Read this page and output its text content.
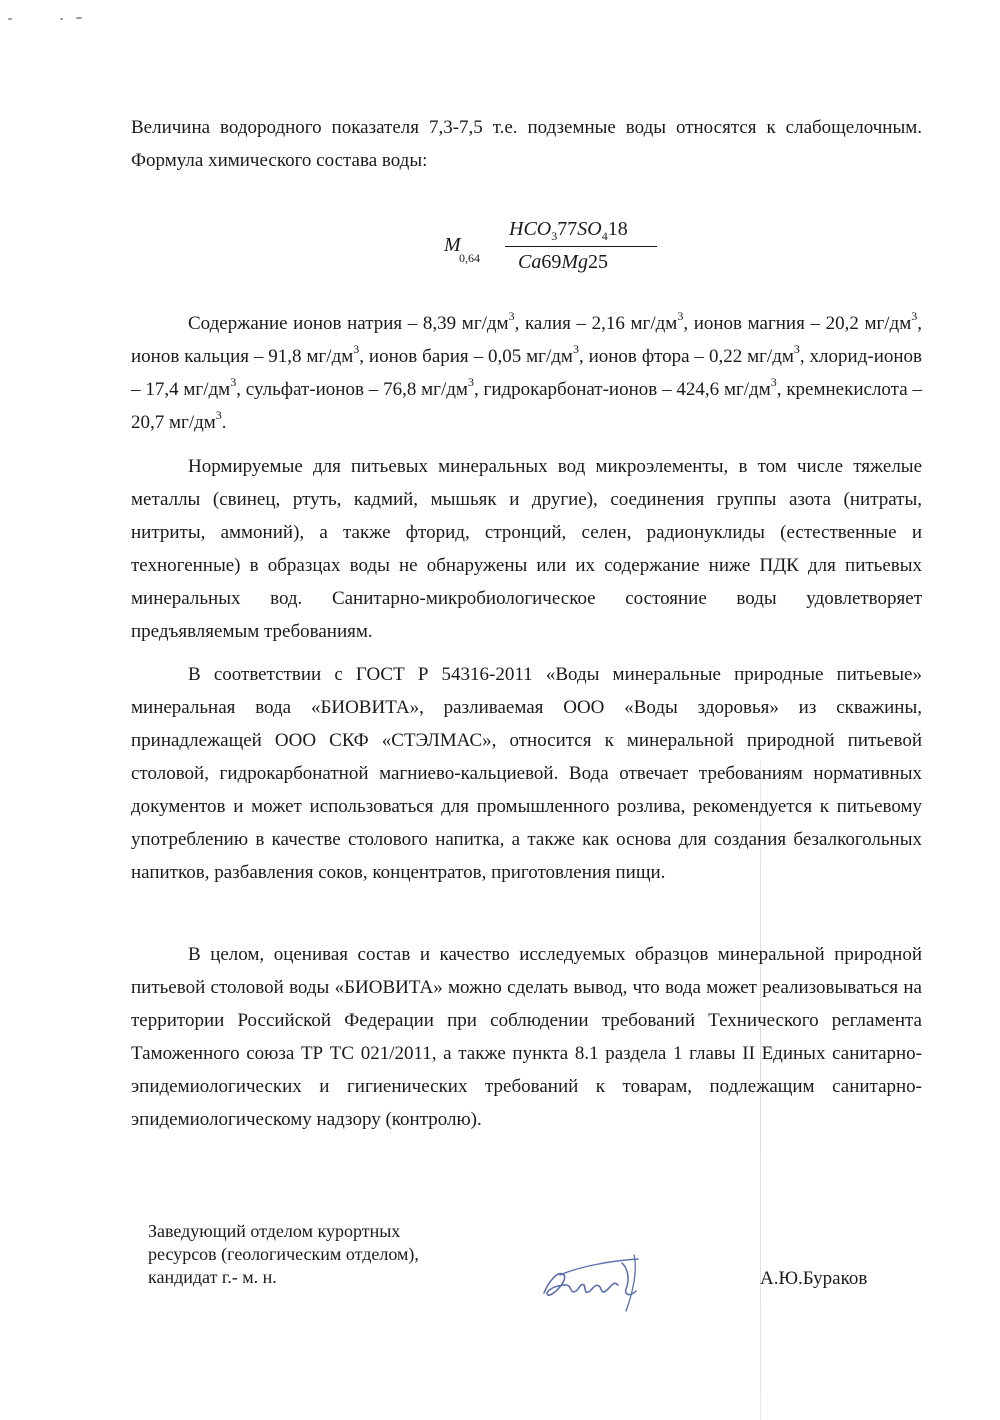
Величина водородного показателя 7,3-7,5 т.е. подземные воды относятся к слабощелочным. Формула химического состава воды:

M
0,64
$HCO_377SO_418$
Ca69Mg25

Содержание ионов натрия – 8,39 $мг/дм^3$, калия – 2,16 $мг/дм^3$, ионов магния – 20,2 $мг/дм^3$, ионов кальция – 91,8 $мг/дм^3$, ионов бария – 0,05 $мг/дм^3$, ионов фтора – 0,22 $мг/дм^3$, хлорид-ионов – 17,4 $мг/дм^3$, сульфат-ионов – 76,8 $мг/дм^3$, гидрокарбонат-ионов – 424,6 $мг/дм^3$, кремнекислота – 20,7 $мг/дм^3$.

Нормируемые для питьевых минеральных вод микроэлементы, в том числе тяжелые металлы (свинец, ртуть, кадмий, мышьяк и другие), соединения группы азота (нитраты, нитриты, аммоний), а также фторид, стронций, селен, радионуклиды (естественные и техногенные) в образцах воды не обнаружены или их содержание ниже ПДК для питьевых минеральных вод. Санитарно-микробиологическое состояние воды удовлетворяет предъявляемым требованиям.

В соответствии с ГОСТ Р 54316-2011 «Воды минеральные природные питьевые» минеральная вода «БИОВИТА», разливаемая ООО «Воды здоровья» из скважины, принадлежащей ООО СКФ «СТЭЛМАС», относится к минеральной природной питьевой столовой, гидрокарбонатной магниево-кальциевой. Вода отвечает требованиям нормативных документов и может использоваться для промышленного розлива, рекомендуется к питьевому употреблению в качестве столового напитка, а также как основа для создания безалкогольных напитков, разбавления соков, концентратов, приготовления пищи.

В целом, оценивая состав и качество исследуемых образцов минеральной природной питьевой столовой воды «БИОВИТА» можно сделать вывод, что вода может реализовываться на территории Российской Федерации при соблюдении требований Технического регламента Таможенного союза ТР ТС 021/2011, а также пункта 8.1 раздела 1 главы II Единых санитарно-эпидемиологических и гигиенических требований к товарам, подлежащим санитарно-эпидемиологическому надзору (контролю).

Заведующий отделом курортных
ресурсов (геологическим отделом),
кандидат г.- м. н.	А.Ю.Бураков
